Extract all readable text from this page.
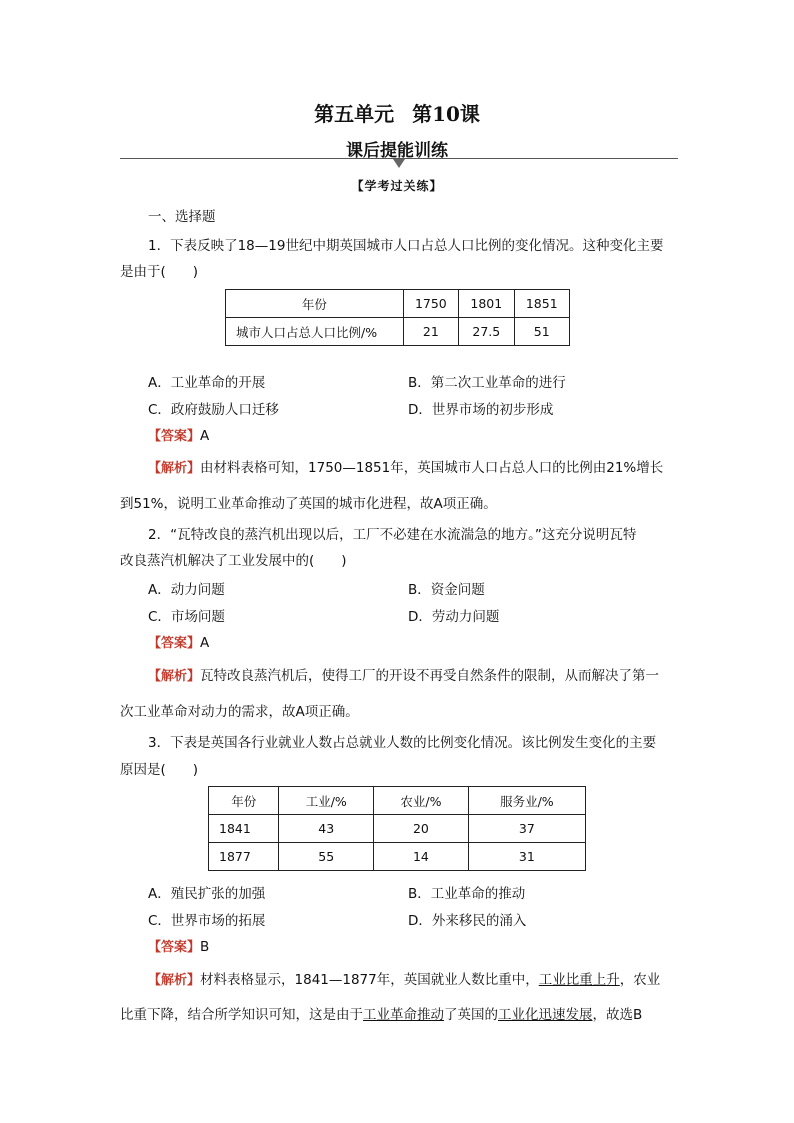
第五单元 第10课
课后提能训练
【学考过关练】
一、选择题
1．下表反映了18—19世纪中期英国城市人口占总人口比例的变化情况。这种变化主要
是由于(　　)
年份	1750	1801	1851
城市人口占总人口比例/%	21	27.5	51
A．工业革命的开展	B．第二次工业革命的进行
C．政府鼓励人口迁移	D．世界市场的初步形成
【答案】A
【解析】由材料表格可知，1750—1851年，英国城市人口占总人口的比例由21%增长
到51%，说明工业革命推动了英国的城市化进程，故A项正确。
2．“瓦特改良的蒸汽机出现以后，工厂不必建在水流湍急的地方。”这充分说明瓦特
改良蒸汽机解决了工业发展中的(　　)
A．动力问题	B．资金问题
C．市场问题	D．劳动力问题
【答案】A
【解析】瓦特改良蒸汽机后，使得工厂的开设不再受自然条件的限制，从而解决了第一
次工业革命对动力的需求，故A项正确。
3．下表是英国各行业就业人数占总就业人数的比例变化情况。该比例发生变化的主要
原因是(　　)
年份	工业/%	农业/%	服务业/%
1841	43	20	37
1877	55	14	31
A．殖民扩张的加强	B．工业革命的推动
C．世界市场的拓展	D．外来移民的涌入
【答案】B
【解析】材料表格显示，1841—1877年，英国就业人数比重中，工业比重上升，农业
比重下降，结合所学知识可知，这是由于工业革命推动了英国的工业化迅速发展，故选B
